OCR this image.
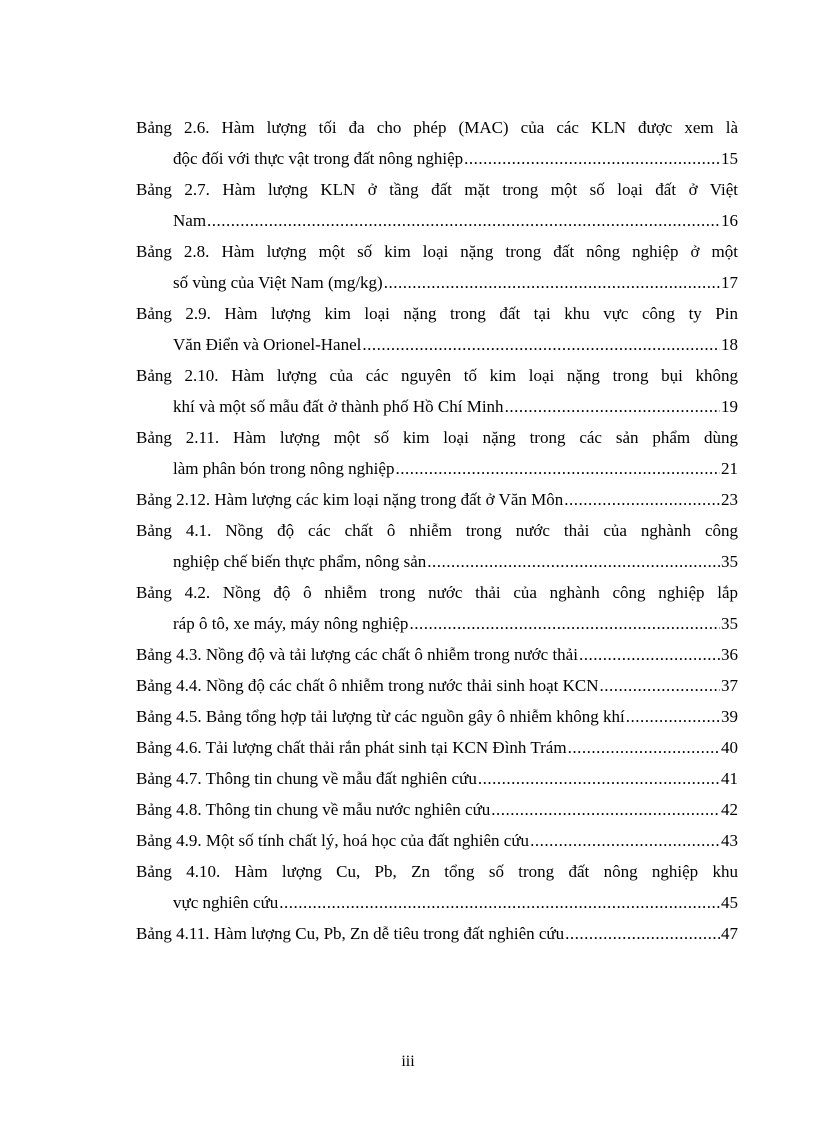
Bảng 2.6. Hàm lượng tối đa cho phép (MAC) của các KLN được xem là
độc đối với thực vật trong đất nông nghiệp .....	15
Bảng 2.7. Hàm lượng KLN ở tầng đất mặt trong một số loại đất ở Việt
Nam .....	16
Bảng 2.8. Hàm lượng một số kim loại nặng trong đất nông nghiệp ở một
số vùng của Việt Nam (mg/kg) .....	17
Bảng 2.9. Hàm lượng kim loại nặng trong đất tại khu vực công ty Pin
Văn Điển và Orionel-Hanel .....	18
Bảng 2.10. Hàm lượng của các nguyên tố kim loại nặng trong bụi không
khí và một số mẫu đất ở thành phố Hồ Chí Minh .....	19
Bảng 2.11. Hàm lượng một số kim loại nặng trong các sản phẩm dùng
làm phân bón trong nông nghiệp .....	21
Bảng 2.12. Hàm lượng các kim loại nặng trong đất ở Văn Môn .....	23
Bảng 4.1. Nồng độ các chất ô nhiễm trong nước thải của nghành công
nghiệp chế biến thực phẩm, nông sản .....	35
Bảng 4.2. Nồng độ ô nhiễm trong nước thải của nghành công nghiệp lắp
ráp ô tô, xe máy, máy nông nghiệp .....	35
Bảng 4.3. Nồng độ và tải lượng các chất ô nhiễm trong nước thải .....	36
Bảng 4.4. Nồng độ các chất ô nhiễm trong nước thải sinh hoạt KCN .....	37
Bảng 4.5. Bảng tổng hợp tải lượng từ các nguồn gây ô nhiễm không khí .....	39
Bảng 4.6. Tải lượng chất thải rắn phát sinh tại KCN Đình Trám .....	40
Bảng 4.7. Thông tin chung về mẫu đất nghiên cứu .....	41
Bảng 4.8. Thông tin chung về mẫu nước nghiên cứu .....	42
Bảng 4.9. Một số tính chất lý, hoá học của đất nghiên cứu .....	43
Bảng 4.10. Hàm lượng Cu, Pb, Zn tổng số trong đất nông nghiệp khu
vực nghiên cứu .....	45
Bảng 4.11. Hàm lượng Cu, Pb, Zn dễ tiêu trong đất nghiên cứu .....	47
iii
